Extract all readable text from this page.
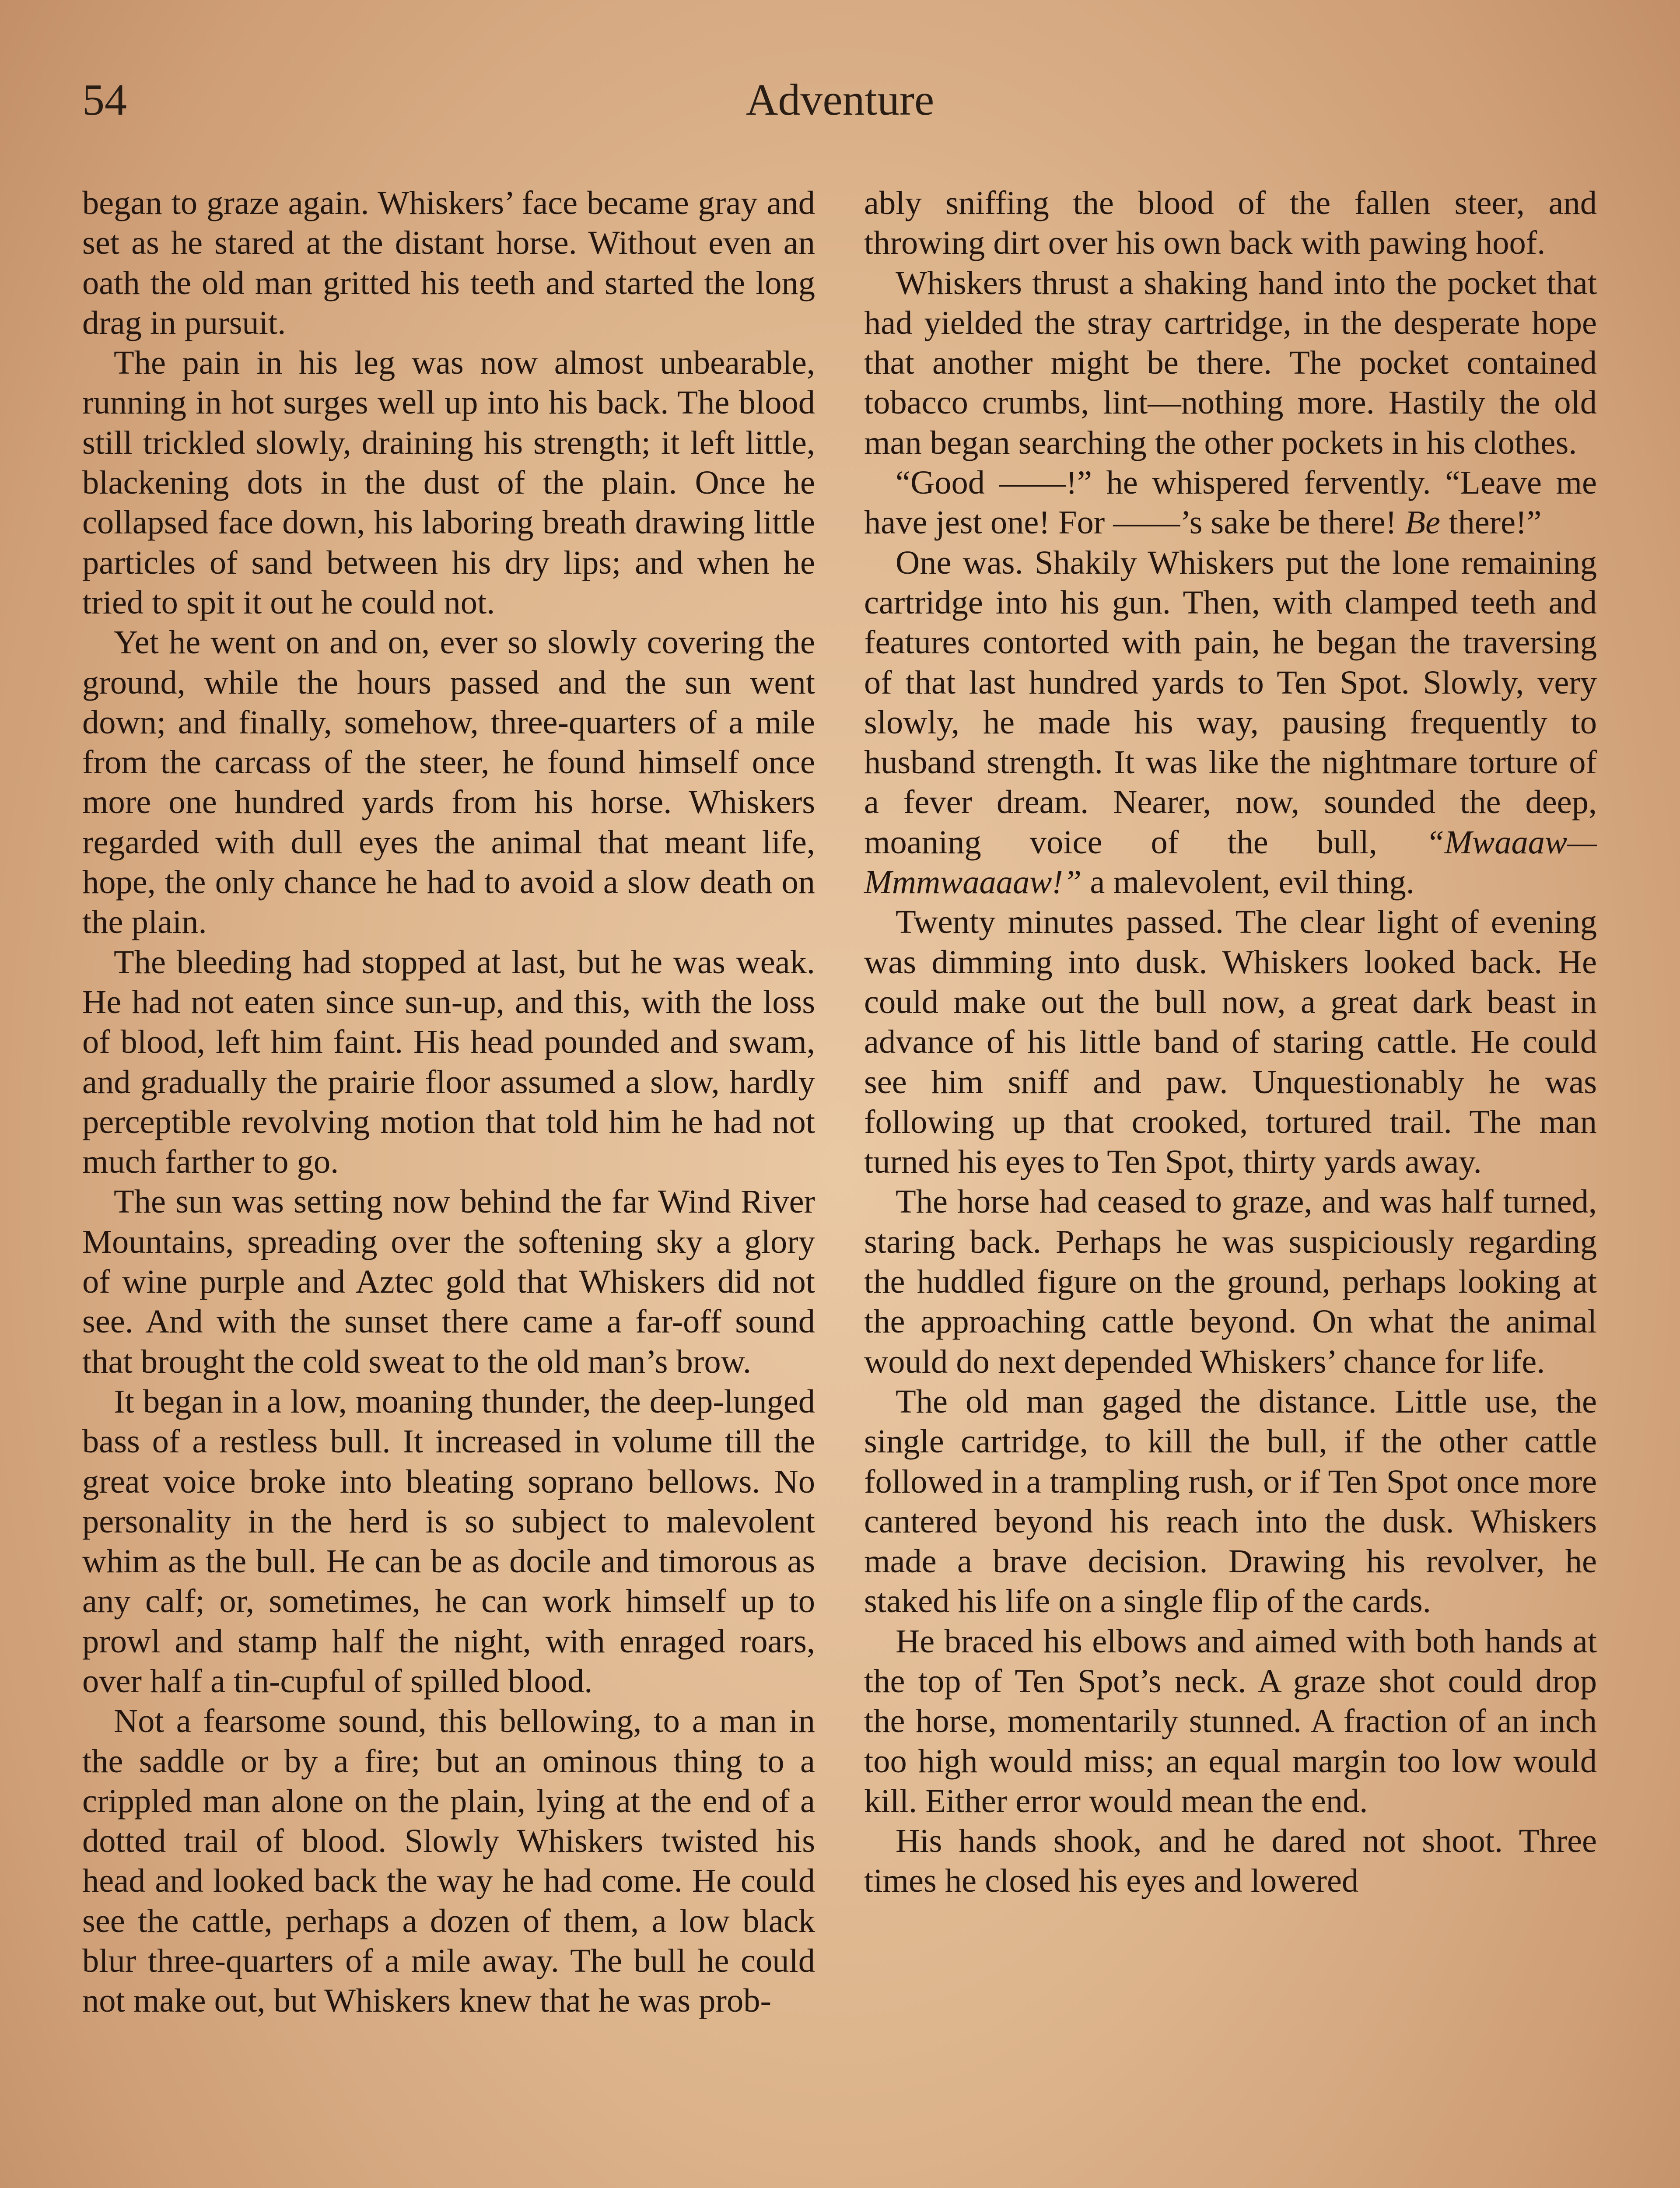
54	Adventure

began to graze again. Whiskers’ face became gray and set as he stared at the distant horse. Without even an oath the old man gritted his teeth and started the long drag in pursuit.

The pain in his leg was now almost unbearable, running in hot surges well up into his back. The blood still trickled slowly, draining his strength; it left little, blackening dots in the dust of the plain. Once he collapsed face down, his laboring breath drawing little particles of sand between his dry lips; and when he tried to spit it out he could not.

Yet he went on and on, ever so slowly covering the ground, while the hours passed and the sun went down; and finally, somehow, three-quarters of a mile from the carcass of the steer, he found himself once more one hundred yards from his horse. Whiskers regarded with dull eyes the animal that meant life, hope, the only chance he had to avoid a slow death on the plain.

The bleeding had stopped at last, but he was weak. He had not eaten since sun-up, and this, with the loss of blood, left him faint. His head pounded and swam, and gradually the prairie floor assumed a slow, hardly perceptible revolving motion that told him he had not much farther to go.

The sun was setting now behind the far Wind River Mountains, spreading over the softening sky a glory of wine purple and Aztec gold that Whiskers did not see. And with the sunset there came a far-off sound that brought the cold sweat to the old man’s brow.

It began in a low, moaning thunder, the deep-lunged bass of a restless bull. It increased in volume till the great voice broke into bleating soprano bellows. No personality in the herd is so subject to malevolent whim as the bull. He can be as docile and timorous as any calf; or, sometimes, he can work himself up to prowl and stamp half the night, with enraged roars, over half a tin-cupful of spilled blood.

Not a fearsome sound, this bellowing, to a man in the saddle or by a fire; but an ominous thing to a crippled man alone on the plain, lying at the end of a dotted trail of blood. Slowly Whiskers twisted his head and looked back the way he had come. He could see the cattle, perhaps a dozen of them, a low black blur three-quarters of a mile away. The bull he could not make out, but Whiskers knew that he was prob-

ably sniffing the blood of the fallen steer, and throwing dirt over his own back with pawing hoof.

Whiskers thrust a shaking hand into the pocket that had yielded the stray cartridge, in the desperate hope that another might be there. The pocket contained tobacco crumbs, lint—nothing more. Hastily the old man began searching the other pockets in his clothes.

“Good ——!” he whispered fervently. “Leave me have jest one! For ——’s sake be there! Be there!”

One was. Shakily Whiskers put the lone remaining cartridge into his gun. Then, with clamped teeth and features contorted with pain, he began the traversing of that last hundred yards to Ten Spot. Slowly, very slowly, he made his way, pausing frequently to husband strength. It was like the nightmare torture of a fever dream. Nearer, now, sounded the deep, moaning voice of the bull, “Mwaaaw—Mmmwaaaaw!” a malevolent, evil thing.

Twenty minutes passed. The clear light of evening was dimming into dusk. Whiskers looked back. He could make out the bull now, a great dark beast in advance of his little band of staring cattle. He could see him sniff and paw. Unquestionably he was following up that crooked, tortured trail. The man turned his eyes to Ten Spot, thirty yards away.

The horse had ceased to graze, and was half turned, staring back. Perhaps he was suspiciously regarding the huddled figure on the ground, perhaps looking at the approaching cattle beyond. On what the animal would do next depended Whiskers’ chance for life.

The old man gaged the distance. Little use, the single cartridge, to kill the bull, if the other cattle followed in a trampling rush, or if Ten Spot once more cantered beyond his reach into the dusk. Whiskers made a brave decision. Drawing his revolver, he staked his life on a single flip of the cards.

He braced his elbows and aimed with both hands at the top of Ten Spot’s neck. A graze shot could drop the horse, momentarily stunned. A fraction of an inch too high would miss; an equal margin too low would kill. Either error would mean the end.

His hands shook, and he dared not shoot. Three times he closed his eyes and lowered
